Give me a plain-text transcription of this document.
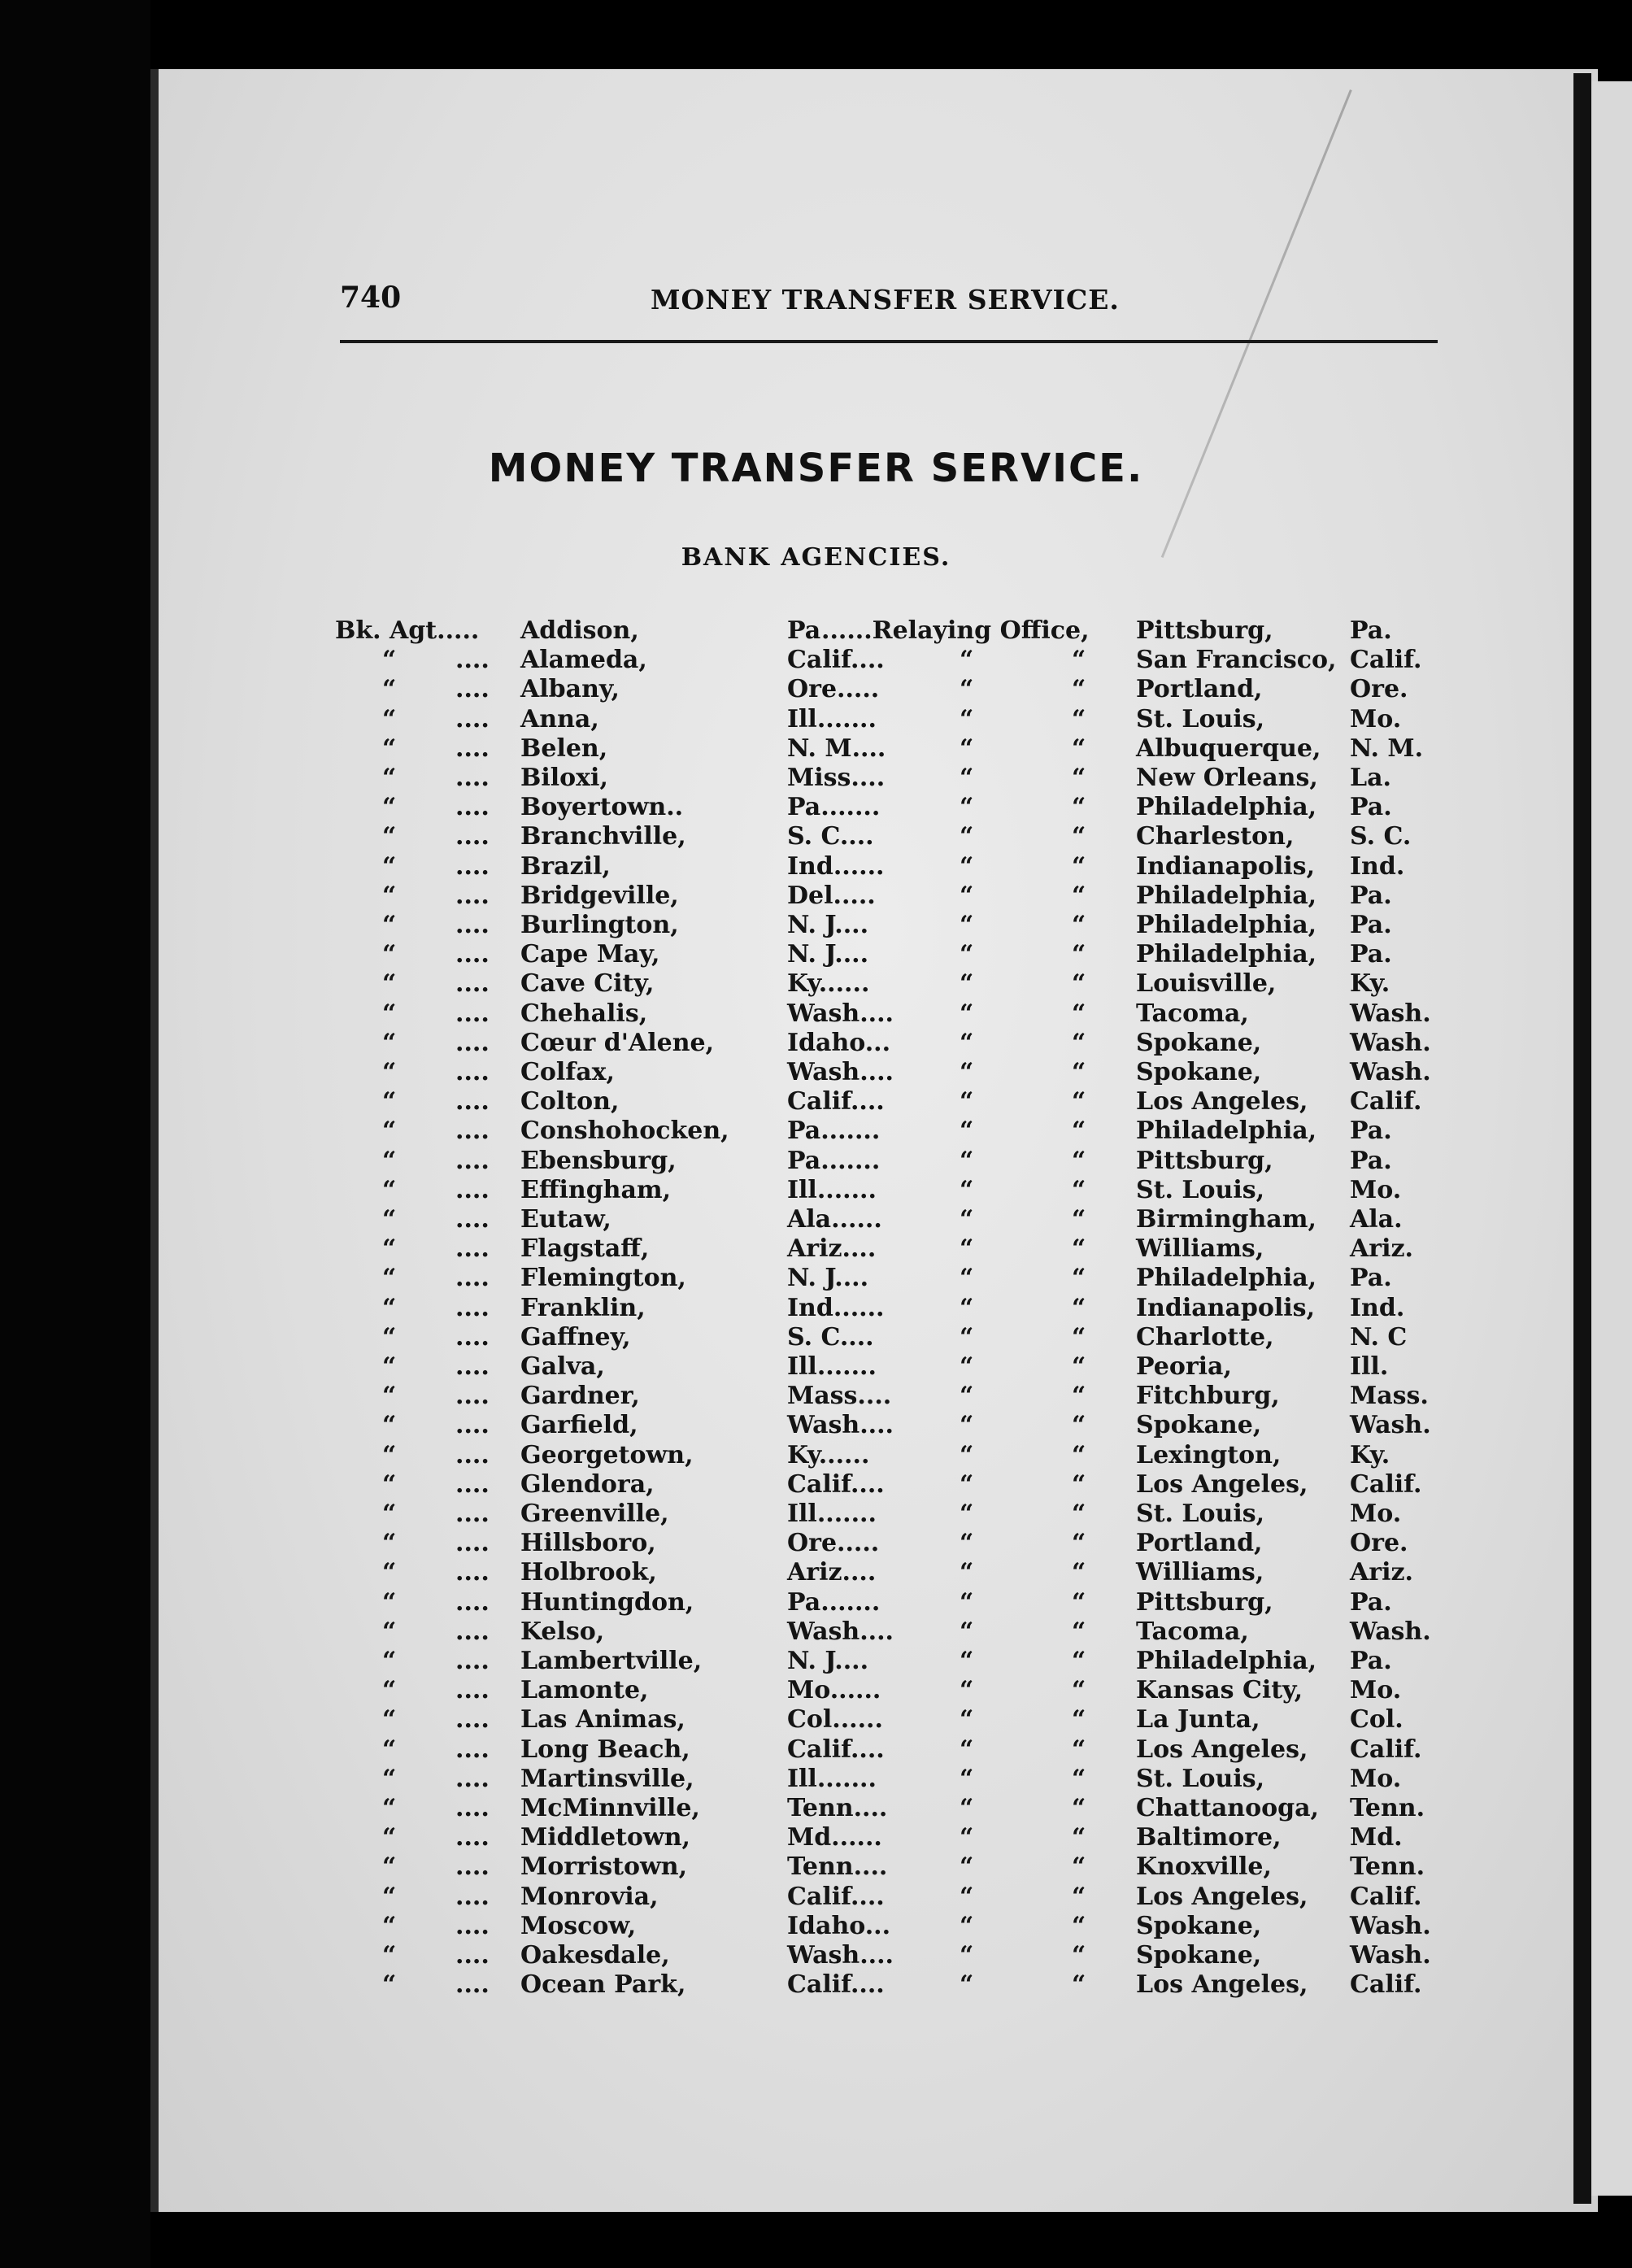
740	MONEY TRANSFER SERVICE.
MONEY TRANSFER SERVICE.
BANK AGENCIES.
Bk. Agt..... Addison,	Pa ......Relaying Office, Pittsburg,	Pa.
“ .... Alameda,	Calif....	“	“ San Francisco, Calif.
“ .... Albany,	Ore.....	“	“ Portland,	Ore.
“ .... Anna,	Ill.......	“	“ St. Louis,	Mo.
“ .... Belen,	N. M....	“	“ Albuquerque, N. M.
“ .... Biloxi,	Miss....	“	“ New Orleans, La.
“ .... Boyertown..	Pa.......	“	“ Philadelphia, Pa.
“ .... Branchville,	S. C....	“	“ Charleston, S. C.
“ .... Brazil,	Ind......	“	“ Indianapolis, Ind.
“ .... Bridgeville,	Del.....	“	“ Philadelphia, Pa.
“ .... Burlington,	N. J....	“	“ Philadelphia, Pa.
“ .... Cape May,	N. J....	“	“ Philadelphia, Pa.
“ .... Cave City,	Ky......	“	“ Louisville,	Ky.
“ .... Chehalis,	Wash....	“	“ Tacoma,	Wash.
“ .... Cœur d'Alene,	Idaho...	“	“ Spokane,	Wash.
“ .... Colfax,	Wash....	“	“ Spokane,	Wash.
“ .... Colton,	Calif....	“	“ Los Angeles, Calif.
“ .... Conshohocken, Pa.......	“	“ Philadelphia, Pa.
“ .... Ebensburg,	Pa.......	“	“ Pittsburg,	Pa.
“ .... Effingham,	Ill.......	“	“ St. Louis,	Mo.
“ .... Eutaw,	Ala......	“	“ Birmingham, Ala.
“ .... Flagstaff,	Ariz....	“	“ Williams,	Ariz.
“ .... Flemington,	N. J....	“	“ Philadelphia, Pa.
“ .... Franklin,	Ind......	“	“ Indianapolis, Ind.
“ .... Gaffney,	S. C....	“	“ Charlotte,	N. C
“ .... Galva,	Ill.......	“	“ Peoria,	Ill.
“ .... Gardner,	Mass....	“	“ Fitchburg,	Mass.
“ .... Garfield,	Wash....	“	“ Spokane,	Wash.
“ .... Georgetown,	Ky......	“	“ Lexington,	Ky.
“ .... Glendora,	Calif....	“	“ Los Angeles, Calif.
“ .... Greenville,	Ill.......	“	“ St. Louis,	Mo.
“ .... Hillsboro,	Ore.....	“	“ Portland,	Ore.
“ .... Holbrook,	Ariz....	“	“ Williams,	Ariz.
“ .... Huntingdon,	Pa.......	“	“ Pittsburg,	Pa.
“ .... Kelso,	Wash....	“	“ Tacoma,	Wash.
“ .... Lambertville,	N. J....	“	“ Philadelphia, Pa.
“ .... Lamonte,	Mo......	“	“ Kansas City, Mo.
“ .... Las Animas,	Col......	“	“ La Junta,	Col.
“ .... Long Beach,	Calif....	“	“ Los Angeles, Calif.
“ .... Martinsville,	Ill.......	“	“ St. Louis,	Mo.
“ .... McMinnville,	Tenn....	“	“ Chattanooga, Tenn.
“ .... Middletown,	Md......	“	“ Baltimore,	Md.
“ .... Morristown,	Tenn....	“	“ Knoxville,	Tenn.
“ .... Monrovia,	Calif....	“	“ Los Angeles, Calif.
“ .... Moscow,	Idaho...	“	“ Spokane,	Wash.
“ .... Oakesdale,	Wash....	“	“ Spokane,	Wash.
“ .... Ocean Park,	Calif....	“	“ Los Angeles, Calif.
